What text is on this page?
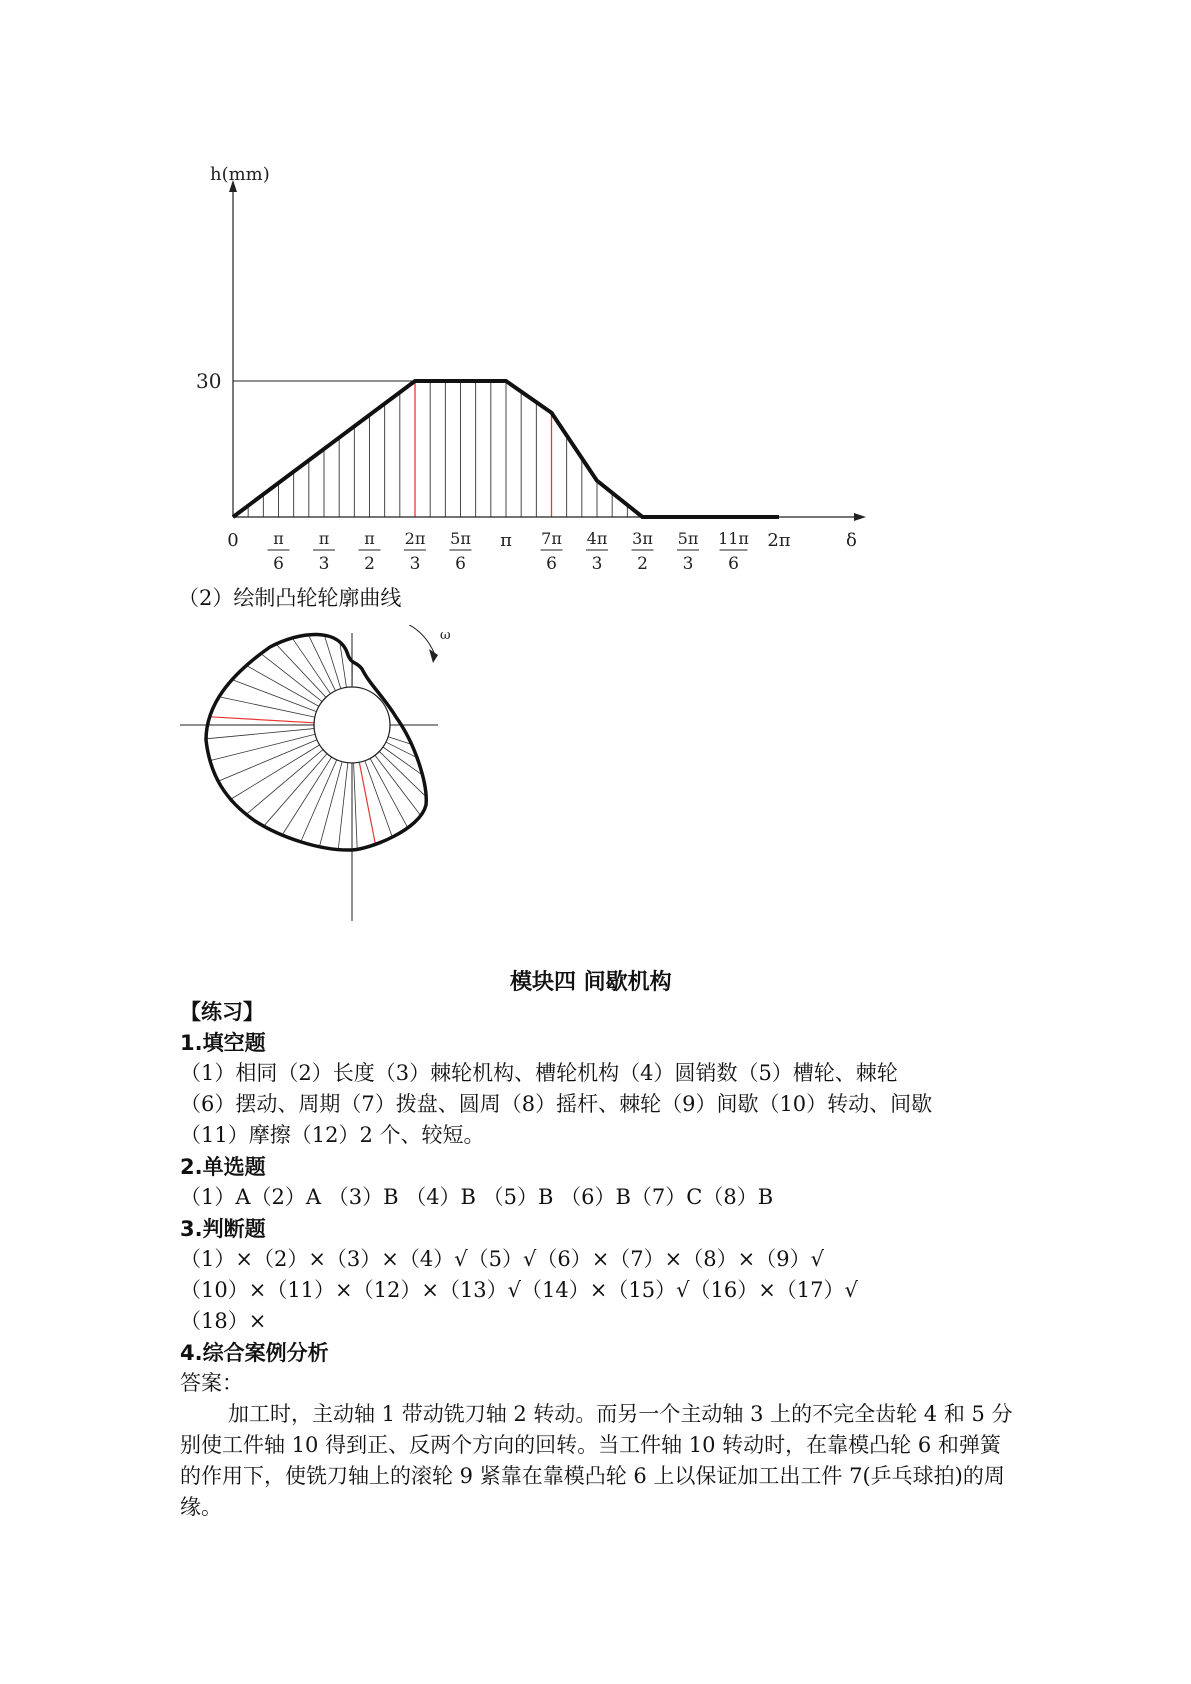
h(mm)
δ
30
0 π
6
π
3
π
2
2π
3
5π
6
π 7π
6
4π
3
3π
2
5π
3
11π
6
2π
（2）绘制凸轮轮廓曲线
ω
模块四 间歇机构
【练习】
1.填空题
（1）相同（2）长度（3）棘轮机构、槽轮机构（4）圆销数（5）槽轮、棘轮
（6）摆动、周期（7）拨盘、圆周（8）摇杆、棘轮（9）间歇（10）转动、间歇
（11）摩擦（12）2 个、较短。
2.单选题
（1）A（2）A （3）B （4）B （5）B （6）B（7）C（8）B
3.判断题
（1）×（2）×（3）×（4）√（5）√（6）×（7）×（8）×（9）√
（10）×（11）×（12）×（13）√（14）×（15）√（16）×（17）√
（18）×
4.综合案例分析
答案：
加工时，主动轴 1 带动铣刀轴 2 转动。而另一个主动轴 3 上的不完全齿轮 4 和 5 分别使工件轴 10 得到正、反两个方向的回转。当工件轴 10 转动时，在靠模凸轮 6 和弹簧的作用下，使铣刀轴上的滚轮 9 紧靠在靠模凸轮 6 上以保证加工出工件 7(乒乓球拍)的周缘。
